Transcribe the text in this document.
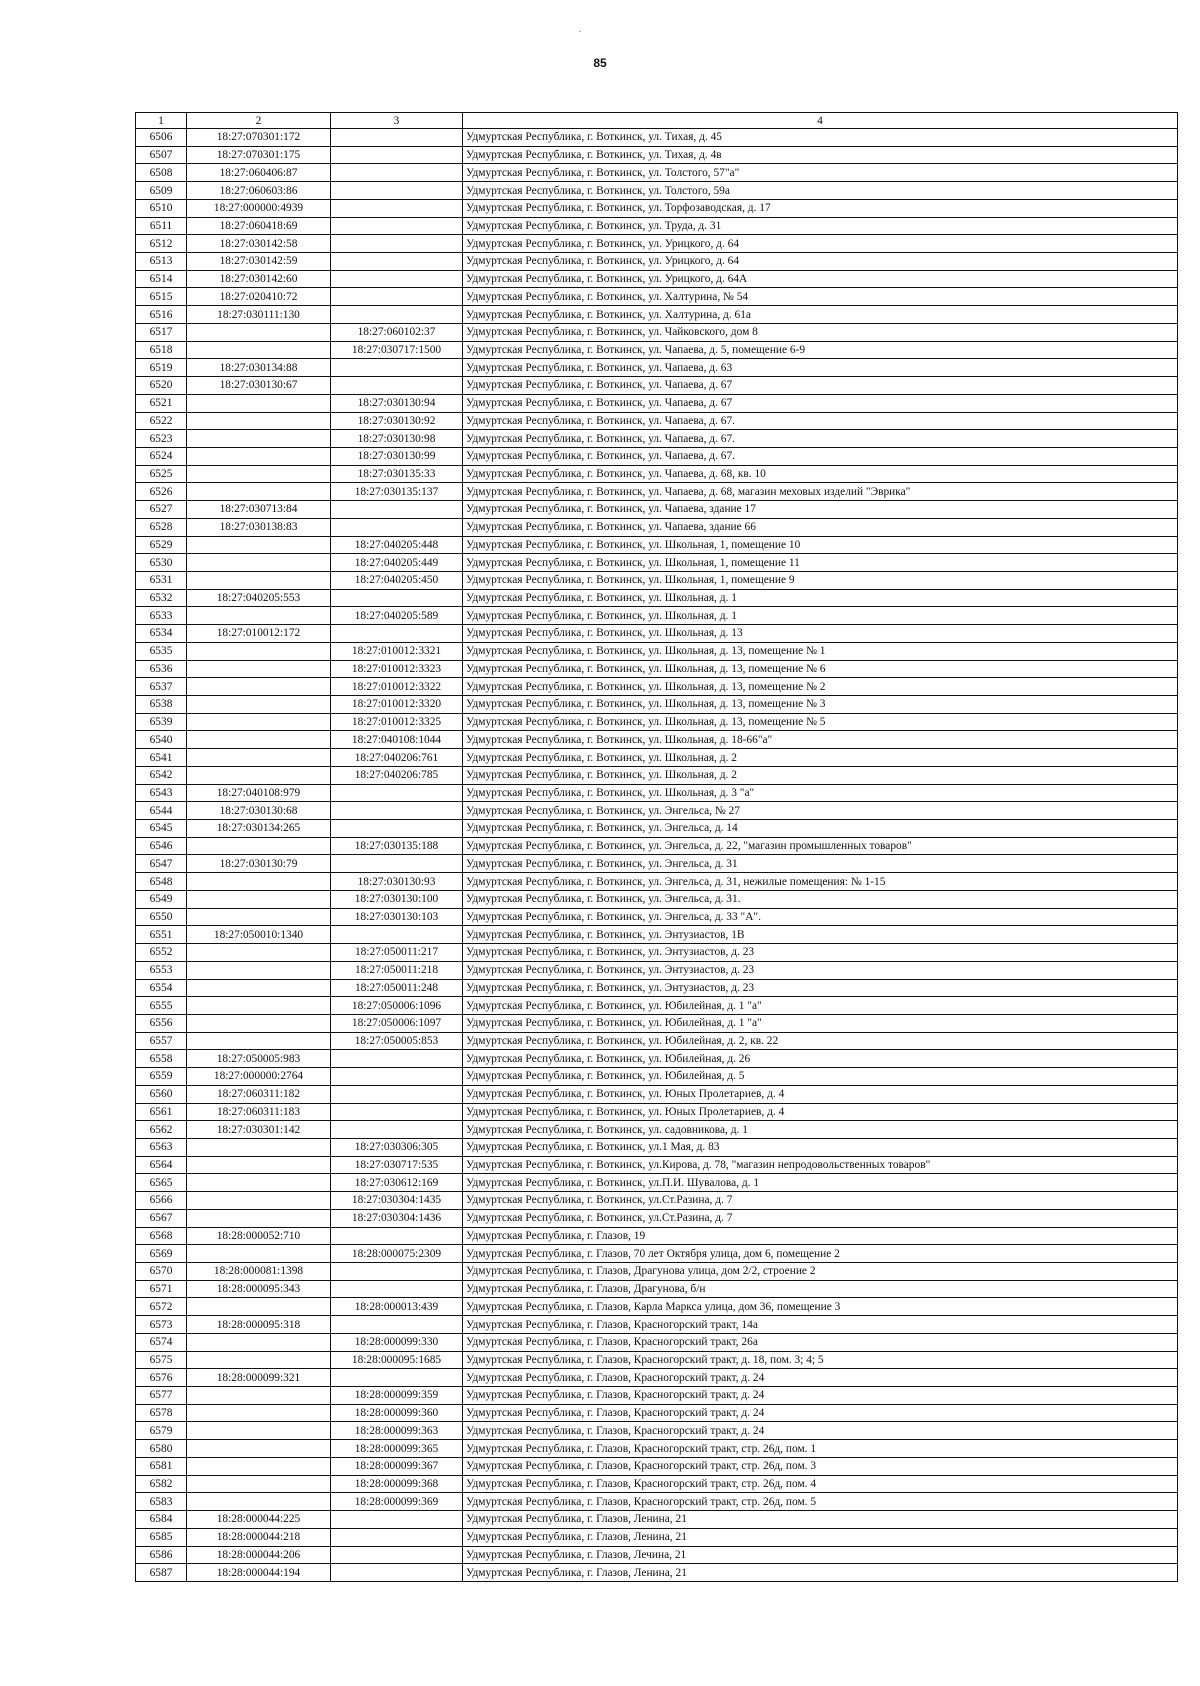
·
85
1	2	3	4
6506	18:27:070301:172		Удмуртская Республика, г. Воткинск, ул. Тихая, д. 45
6507	18:27:070301:175		Удмуртская Республика, г. Воткинск, ул. Тихая, д. 4в
6508	18:27:060406:87		Удмуртская Республика, г. Воткинск, ул. Толстого, 57"а"
6509	18:27:060603:86		Удмуртская Республика, г. Воткинск, ул. Толстого, 59а
6510	18:27:000000:4939		Удмуртская Республика, г. Воткинск, ул. Торфозаводская, д. 17
6511	18:27:060418:69		Удмуртская Республика, г. Воткинск, ул. Труда, д. 31
6512	18:27:030142:58		Удмуртская Республика, г. Воткинск, ул. Урицкого, д. 64
6513	18:27:030142:59		Удмуртская Республика, г. Воткинск, ул. Урицкого, д. 64
6514	18:27:030142:60		Удмуртская Республика, г. Воткинск, ул. Урицкого, д. 64А
6515	18:27:020410:72		Удмуртская Республика, г. Воткинск, ул. Халтурина, № 54
6516	18:27:030111:130		Удмуртская Республика, г. Воткинск, ул. Халтурина, д. 61а
6517		18:27:060102:37	Удмуртская Республика, г. Воткинск, ул. Чайковского, дом 8
6518		18:27:030717:1500	Удмуртская Республика, г. Воткинск, ул. Чапаева, д. 5, помещение 6-9
6519	18:27:030134:88		Удмуртская Республика, г. Воткинск, ул. Чапаева, д. 63
6520	18:27:030130:67		Удмуртская Республика, г. Воткинск, ул. Чапаева, д. 67
6521		18:27:030130:94	Удмуртская Республика, г. Воткинск, ул. Чапаева, д. 67
6522		18:27:030130:92	Удмуртская Республика, г. Воткинск, ул. Чапаева, д. 67.
6523		18:27:030130:98	Удмуртская Республика, г. Воткинск, ул. Чапаева, д. 67.
6524		18:27:030130:99	Удмуртская Республика, г. Воткинск, ул. Чапаева, д. 67.
6525		18:27:030135:33	Удмуртская Республика, г. Воткинск, ул. Чапаева, д. 68, кв. 10
6526		18:27:030135:137	Удмуртская Республика, г. Воткинск, ул. Чапаева, д. 68, магазин меховых изделий "Эврика"
6527	18:27:030713:84		Удмуртская Республика, г. Воткинск, ул. Чапаева, здание 17
6528	18:27:030138:83		Удмуртская Республика, г. Воткинск, ул. Чапаева, здание 66
6529		18:27:040205:448	Удмуртская Республика, г. Воткинск, ул. Школьная, 1, помещение 10
6530		18:27:040205:449	Удмуртская Республика, г. Воткинск, ул. Школьная, 1, помещение 11
6531		18:27:040205:450	Удмуртская Республика, г. Воткинск, ул. Школьная, 1, помещение 9
6532	18:27:040205:553		Удмуртская Республика, г. Воткинск, ул. Школьная, д. 1
6533		18:27:040205:589	Удмуртская Республика, г. Воткинск, ул. Школьная, д. 1
6534	18:27:010012:172		Удмуртская Республика, г. Воткинск, ул. Школьная, д. 13
6535		18:27:010012:3321	Удмуртская Республика, г. Воткинск, ул. Школьная, д. 13, помещение № 1
6536		18:27:010012:3323	Удмуртская Республика, г. Воткинск, ул. Школьная, д. 13, помещение № 6
6537		18:27:010012:3322	Удмуртская Республика, г. Воткинск, ул. Школьная, д. 13, помещение № 2
6538		18:27:010012:3320	Удмуртская Республика, г. Воткинск, ул. Школьная, д. 13, помещение № 3
6539		18:27:010012:3325	Удмуртская Республика, г. Воткинск, ул. Школьная, д. 13, помещение № 5
6540		18:27:040108:1044	Удмуртская Республика, г. Воткинск, ул. Школьная, д. 18-66"а"
6541		18:27:040206:761	Удмуртская Республика, г. Воткинск, ул. Школьная, д. 2
6542		18:27:040206:785	Удмуртская Республика, г. Воткинск, ул. Школьная, д. 2
6543	18:27:040108:979		Удмуртская Республика, г. Воткинск, ул. Школьная, д. 3 "а"
6544	18:27:030130:68		Удмуртская Республика, г. Воткинск, ул. Энгельса, № 27
6545	18:27:030134:265		Удмуртская Республика, г. Воткинск, ул. Энгельса, д. 14
6546		18:27:030135:188	Удмуртская Республика, г. Воткинск, ул. Энгельса, д. 22, "магазин промышленных товаров"
6547	18:27:030130:79		Удмуртская Республика, г. Воткинск, ул. Энгельса, д. 31
6548		18:27:030130:93	Удмуртская Республика, г. Воткинск, ул. Энгельса, д. 31, нежилые помещения: № 1-15
6549		18:27:030130:100	Удмуртская Республика, г. Воткинск, ул. Энгельса, д. 31.
6550		18:27:030130:103	Удмуртская Республика, г. Воткинск, ул. Энгельса, д. 33 "А".
6551	18:27:050010:1340		Удмуртская Республика, г. Воткинск, ул. Энтузиастов, 1В
6552		18:27:050011:217	Удмуртская Республика, г. Воткинск, ул. Энтузиастов, д. 23
6553		18:27:050011:218	Удмуртская Республика, г. Воткинск, ул. Энтузиастов, д. 23
6554		18:27:050011:248	Удмуртская Республика, г. Воткинск, ул. Энтузиастов, д. 23
6555		18:27:050006:1096	Удмуртская Республика, г. Воткинск, ул. Юбилейная, д. 1 "а"
6556		18:27:050006:1097	Удмуртская Республика, г. Воткинск, ул. Юбилейная, д. 1 "а"
6557		18:27:050005:853	Удмуртская Республика, г. Воткинск, ул. Юбилейная, д. 2, кв. 22
6558	18:27:050005:983		Удмуртская Республика, г. Воткинск, ул. Юбилейная, д. 26
6559	18:27:000000:2764		Удмуртская Республика, г. Воткинск, ул. Юбилейная, д. 5
6560	18:27:060311:182		Удмуртская Республика, г. Воткинск, ул. Юных Пролетариев, д. 4
6561	18:27:060311:183		Удмуртская Республика, г. Воткинск, ул. Юных Пролетариев, д. 4
6562	18:27:030301:142		Удмуртская Республика, г. Воткинск, ул. садовникова, д. 1
6563		18:27:030306:305	Удмуртская Республика, г. Воткинск, ул.1 Мая, д. 83
6564		18:27:030717:535	Удмуртская Республика, г. Воткинск, ул.Кирова, д. 78, "магазин непродовольственных товаров"
6565		18:27:030612:169	Удмуртская Республика, г. Воткинск, ул.П.И. Шувалова, д. 1
6566		18:27:030304:1435	Удмуртская Республика, г. Воткинск, ул.Ст.Разина, д. 7
6567		18:27:030304:1436	Удмуртская Республика, г. Воткинск, ул.Ст.Разина, д. 7
6568	18:28:000052:710		Удмуртская Республика, г. Глазов, 19
6569		18:28:000075:2309	Удмуртская Республика, г. Глазов, 70 лет Октября улица, дом 6, помещение 2
6570	18:28:000081:1398		Удмуртская Республика, г. Глазов, Драгунова улица, дом 2/2, строение 2
6571	18:28:000095:343		Удмуртская Республика, г. Глазов, Драгунова, б/н
6572		18:28:000013:439	Удмуртская Республика, г. Глазов, Карла Маркса улица, дом 36, помещение 3
6573	18:28:000095:318		Удмуртская Республика, г. Глазов, Красногорский тракт, 14а
6574		18:28:000099:330	Удмуртская Республика, г. Глазов, Красногорский тракт, 26а
6575		18:28:000095:1685	Удмуртская Республика, г. Глазов, Красногорский тракт, д. 18, пом. 3; 4; 5
6576	18:28:000099:321		Удмуртская Республика, г. Глазов, Красногорский тракт, д. 24
6577		18:28:000099:359	Удмуртская Республика, г. Глазов, Красногорский тракт, д. 24
6578		18:28:000099:360	Удмуртская Республика, г. Глазов, Красногорский тракт, д. 24
6579		18:28:000099:363	Удмуртская Республика, г. Глазов, Красногорский тракт, д. 24
6580		18:28:000099:365	Удмуртская Республика, г. Глазов, Красногорский тракт, стр. 26д, пом. 1
6581		18:28:000099:367	Удмуртская Республика, г. Глазов, Красногорский тракт, стр. 26д, пом. 3
6582		18:28:000099:368	Удмуртская Республика, г. Глазов, Красногорский тракт, стр. 26д, пом. 4
6583		18:28:000099:369	Удмуртская Республика, г. Глазов, Красногорский тракт, стр. 26д, пом. 5
6584	18:28:000044:225		Удмуртская Республика, г. Глазов, Ленина, 21
6585	18:28:000044:218		Удмуртская Республика, г. Глазов, Ленина, 21
6586	18:28:000044:206		Удмуртская Республика, г. Глазов, Лечина, 21
6587	18:28:000044:194		Удмуртская Республика, г. Глазов, Ленина, 21
